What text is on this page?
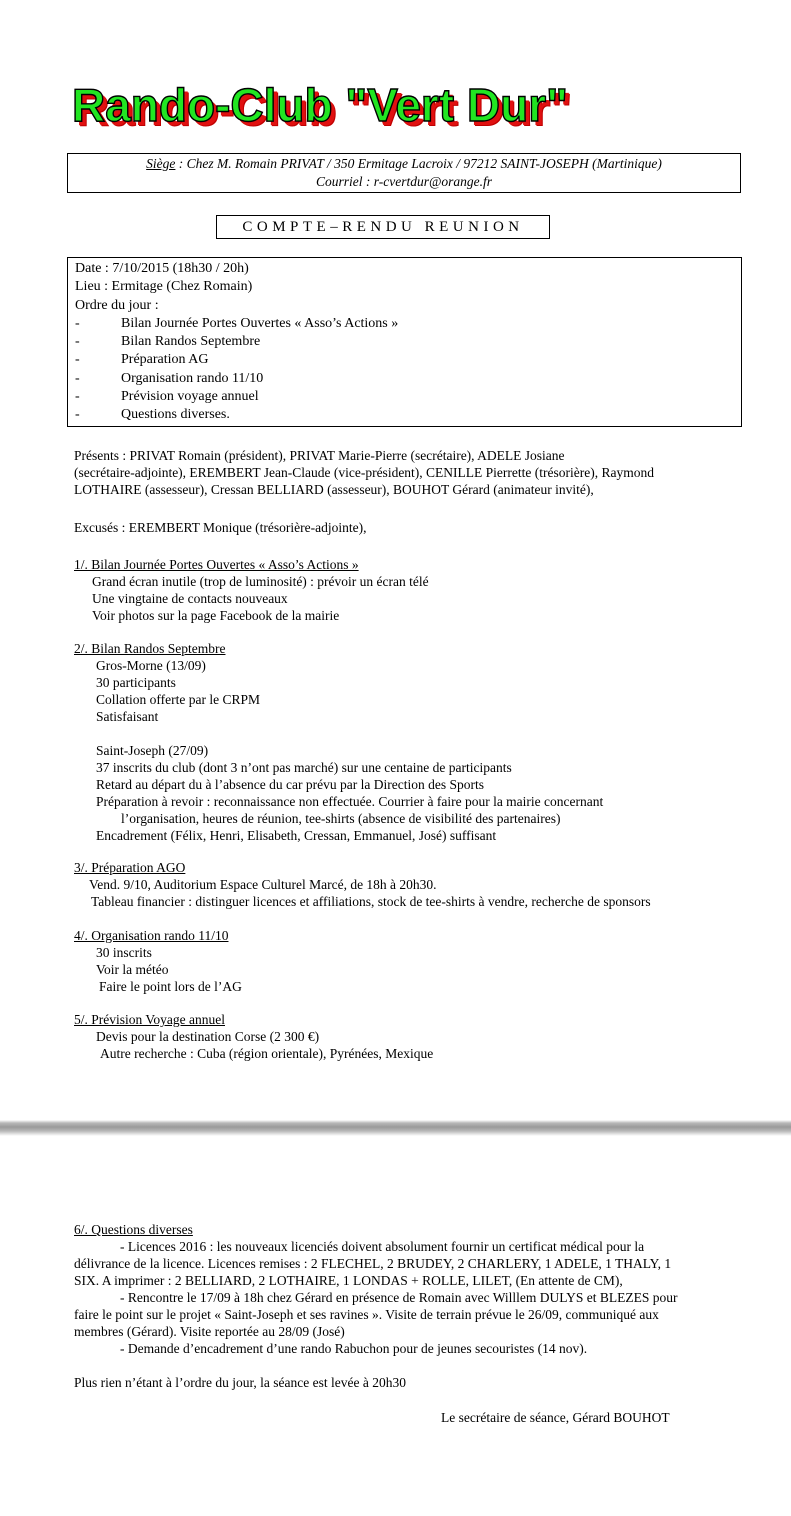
Rando-Club "Vert Dur"
Siège : Chez M. Romain PRIVAT / 350 Ermitage Lacroix / 97212 SAINT-JOSEPH (Martinique)
Courriel : r-cvertdur@orange.fr
COMPTE–RENDU REUNION
Date : 7/10/2015 (18h30 / 20h)
Lieu : Ermitage (Chez Romain)
Ordre du jour :
-	Bilan Journée Portes Ouvertes « Asso’s Actions »
-	Bilan Randos Septembre
-	Préparation AG
-	Organisation rando 11/10
-	Prévision voyage annuel
-	Questions diverses.
Présents : PRIVAT Romain (président), PRIVAT Marie-Pierre (secrétaire), ADELE Josiane
(secrétaire-adjointe), EREMBERT Jean-Claude (vice-président), CENILLE Pierrette (trésorière), Raymond
LOTHAIRE (assesseur), Cressan BELLIARD (assesseur), BOUHOT Gérard (animateur invité),
Excusés : EREMBERT Monique (trésorière-adjointe),
1/. Bilan Journée Portes Ouvertes « Asso’s Actions »
Grand écran inutile (trop de luminosité) : prévoir un écran télé
Une vingtaine de contacts nouveaux
Voir photos sur la page Facebook de la mairie
2/. Bilan Randos Septembre
Gros-Morne (13/09)
30 participants
Collation offerte par le CRPM
Satisfaisant
Saint-Joseph (27/09)
37 inscrits du club (dont 3 n’ont pas marché) sur une centaine de participants
Retard au départ du à l’absence du car prévu par la Direction des Sports
Préparation à revoir : reconnaissance non effectuée. Courrier à faire pour la mairie concernant
l’organisation, heures de réunion, tee-shirts (absence de visibilité des partenaires)
Encadrement (Félix, Henri, Elisabeth, Cressan, Emmanuel, José) suffisant
3/. Préparation AGO
Vend. 9/10, Auditorium Espace Culturel Marcé, de 18h à 20h30.
Tableau financier : distinguer licences et affiliations, stock de tee-shirts à vendre, recherche de sponsors
4/. Organisation rando 11/10
30 inscrits
Voir la météo
Faire le point lors de l’AG
5/. Prévision Voyage annuel
Devis pour la destination Corse (2 300 €)
Autre recherche : Cuba (région orientale), Pyrénées, Mexique
6/. Questions diverses
- Licences 2016 : les nouveaux licenciés doivent absolument fournir un certificat médical pour la
délivrance de la licence. Licences remises : 2 FLECHEL, 2 BRUDEY, 2 CHARLERY, 1 ADELE, 1 THALY, 1
SIX. A imprimer : 2 BELLIARD, 2 LOTHAIRE, 1 LONDAS + ROLLE, LILET, (En attente de CM),
- Rencontre le 17/09 à 18h chez Gérard en présence de Romain avec Willlem DULYS et BLEZES pour
faire le point sur le projet « Saint-Joseph et ses ravines ». Visite de terrain prévue le 26/09, communiqué aux
membres (Gérard). Visite reportée au 28/09 (José)
- Demande d’encadrement d’une rando Rabuchon pour de jeunes secouristes (14 nov).
Plus rien n’étant à l’ordre du jour, la séance est levée à 20h30
Le secrétaire de séance, Gérard BOUHOT
